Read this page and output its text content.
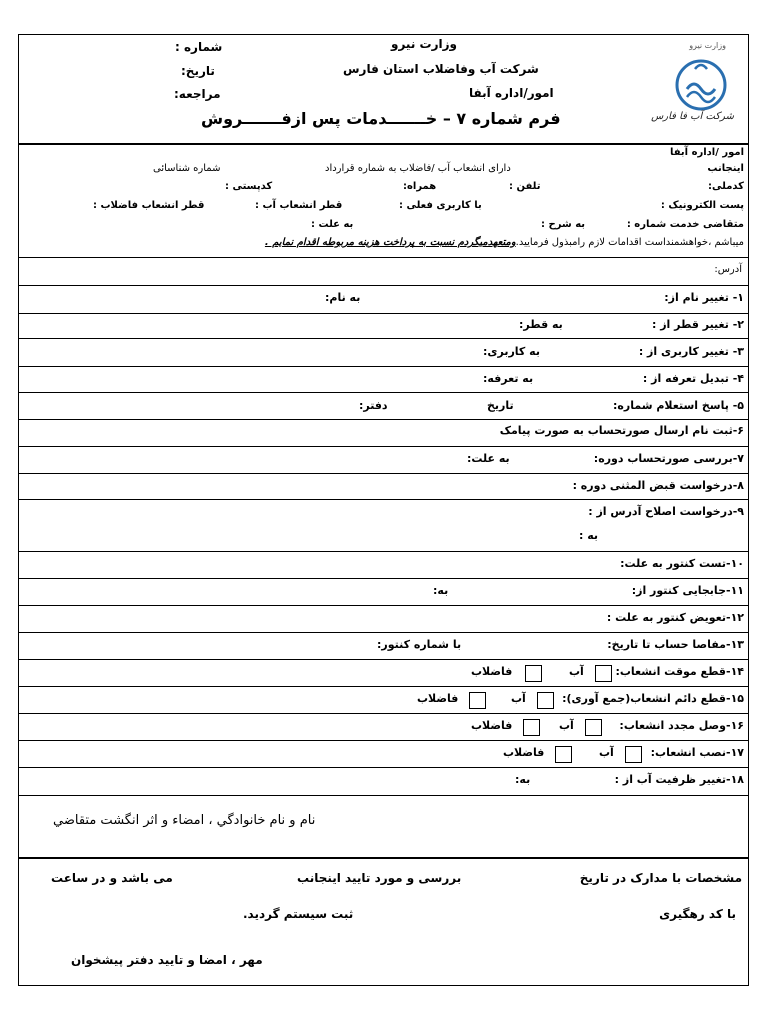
وزارت نیرو
شرکت آب فا فارس
وزارت نیرو
شرکت آب وفاضلاب استان فارس
امور/اداره آبفا
فرم شماره ۷ – خـــــــدمات پس ازفـــــــروش
شماره :
تاریخ:
مراجعه:
امور /اداره آبفا
اینجانب
دارای انشعاب آب /فاضلاب به شماره قرارداد
شماره شناسائی
کدملی:
تلفن :
همراه:
کدپستی :
پست الکترونیک :
با کاربری فعلی :
قطر انشعاب آب :
قطر انشعاب فاضلاب :
متقاضی خدمت شماره :
به شرح :
به علت :
میباشم ،خواهشمنداست اقدامات لازم رامبذول فرمایید.ومتعهدمیگردم نسبت به پرداخت هزینه مربوطه اقدام نمایم .
آدرس:
۱- تغییر نام از:
به نام:
۲- تغییر قطر از :
به قطر:
۳- تغییر کاربری از :
به کاربری:
۴- تبدیل تعرفه از :
به تعرفه:
۵- پاسخ استعلام شماره:
تاریخ
دفتر:
۶-ثبت نام ارسال صورتحساب به صورت پیامک
۷-بررسی صورتحساب دوره:
به علت:
۸-درخواست قبض المثنی دوره :
۹-درخواست اصلاح آدرس از :
به :
۱۰-تست کنتور به علت:
۱۱-جابجایی کنتور از:
به:
۱۲-تعویض کنتور به علت :
۱۳-مفاصا حساب تا تاریخ:
با شماره کنتور:
۱۴-قطع موقت انشعاب:
آب
فاضلاب
۱۵-قطع دائم انشعاب(جمع آوری):
آب
فاضلاب
۱۶-وصل مجدد انشعاب:
آب
فاضلاب
۱۷-نصب انشعاب:
آب
فاضلاب
۱۸-تغییر ظرفیت آب از :
به:
نام و نام خانوادگي ، امضاء و اثر انگشت متقاضي
مشخصات با مدارک در تاریخ
بررسی و مورد تایید اینجانب
می باشد و در ساعت
با کد رهگیری
ثبت سیستم گردید.
مهر ، امضا و تایید دفتر پیشخوان
